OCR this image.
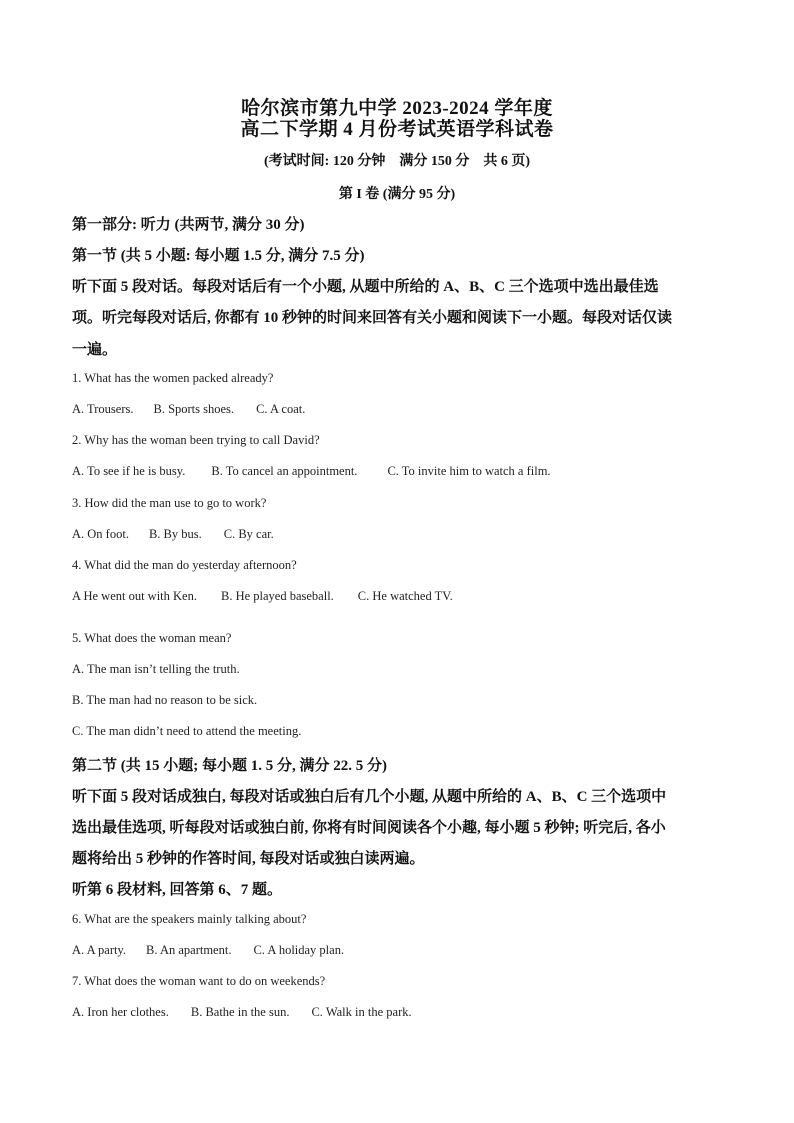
哈尔滨市第九中学 2023-2024 学年度
高二下学期 4 月份考试英语学科试卷
(考试时间: 120 分钟　满分 150 分　共 6 页)
第 I 卷 (满分 95 分)
第一部分: 听力 (共两节, 满分 30 分)
第一节 (共 5 小题: 每小题 1.5 分, 满分 7.5 分)
听下面 5 段对话。每段对话后有一个小题, 从题中所给的 A、B、C 三个选项中选出最佳选
项。听完每段对话后, 你都有 10 秒钟的时间来回答有关小题和阅读下一小题。每段对话仅读
一遍。
1. What has the women packed already?
A. Trousers. B. Sports shoes. C. A coat.
2. Why has the woman been trying to call David?
A. To see if he is busy. B. To cancel an appointment. C. To invite him to watch a film.
3. How did the man use to go to work?
A. On foot. B. By bus. C. By car.
4. What did the man do yesterday afternoon?
A He went out with Ken. B. He played baseball. C. He watched TV.
5. What does the woman mean?
A. The man isn’t telling the truth.
B. The man had no reason to be sick.
C. The man didn’t need to attend the meeting.
第二节 (共 15 小题; 每小题 1. 5 分, 满分 22. 5 分)
听下面 5 段对话成独白, 每段对话或独白后有几个小题, 从题中所给的 A、B、C 三个选项中
选出最佳选项, 听每段对话或独白前, 你将有时间阅读各个小趣, 每小题 5 秒钟; 听完后, 各小
题将给出 5 秒钟的作答时间, 每段对话或独白读两遍。
听第 6 段材料, 回答第 6、7 题。
6. What are the speakers mainly talking about?
A. A party. B. An apartment. C. A holiday plan.
7. What does the woman want to do on weekends?
A. Iron her clothes. B. Bathe in the sun. C. Walk in the park.
